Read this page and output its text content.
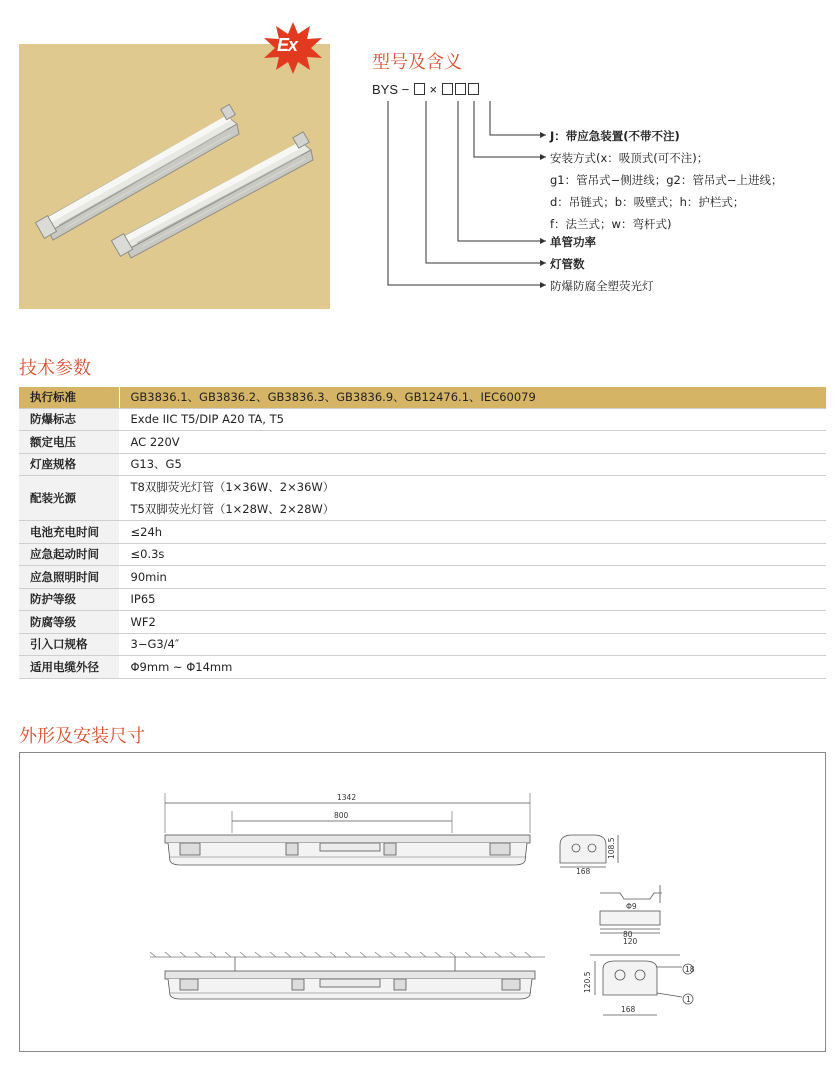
Ex
型号及含义
BYS − ×
J：带应急装置(不带不注)
安装方式(x：吸顶式(可不注)；
g1：管吊式−侧进线；g2：管吊式−上进线；
d：吊链式；b：吸壁式；h：护栏式；
f：法兰式；w：弯杆式)
单管功率
灯管数
防爆防腐全塑荧光灯
技术参数
执行标准	GB3836.1、GB3836.2、GB3836.3、GB3836.9、GB12476.1、IEC60079
防爆标志	Exde IIC T5/DIP A20 TA, T5
额定电压	AC 220V
灯座规格	G13、G5
配装光源	T8双脚荧光灯管（1×36W、2×36W）
T5双脚荧光灯管（1×28W、2×28W）

电池充电时间	≤24h
应急起动时间	≤0.3s
应急照明时间	90min
防护等级	IP65
防腐等级	WF2
引入口规格	3−G3/4″
适用电缆外径	Φ9mm ~ Φ14mm
外形及安装尺寸
1342
800
168
108.5
Φ9
80
120
168
120.5
18
1
